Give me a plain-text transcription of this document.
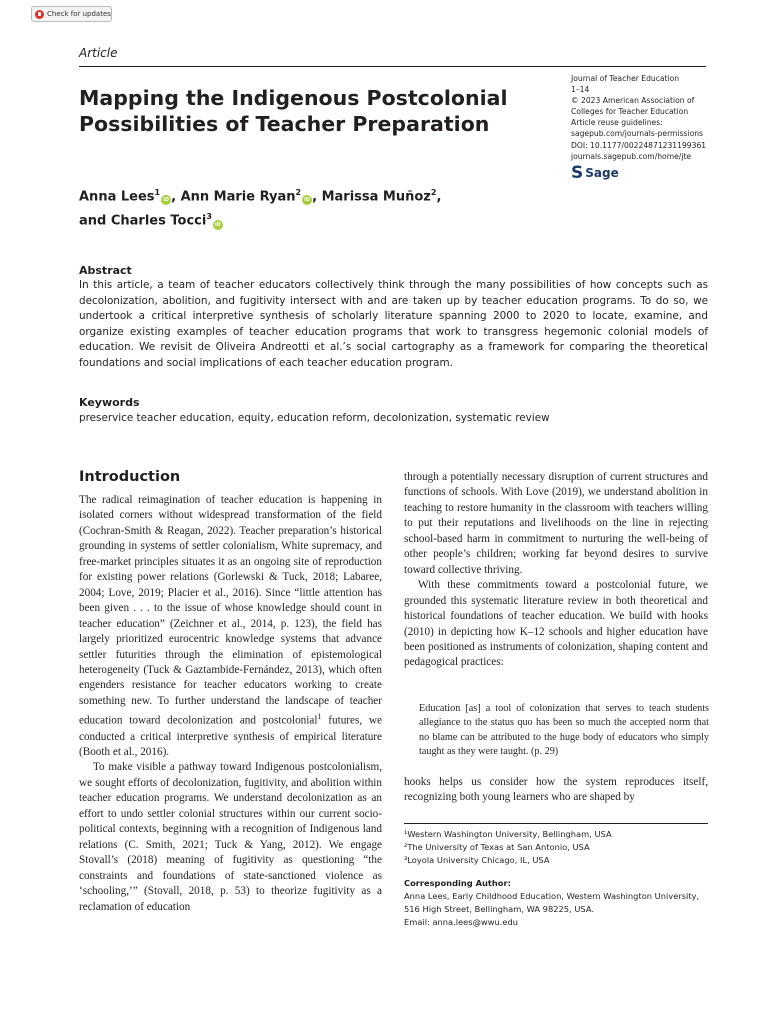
Check for updates
Article
Mapping the Indigenous Postcolonial Possibilities of Teacher Preparation
Journal of Teacher Education
1–14
© 2023 American Association of
Colleges for Teacher Education
Article reuse guidelines:
sagepub.com/journals-permissions
DOI: 10.1177/00224871231199361
journals.sagepub.com/home/jte
S Sage
Anna Lees$^1$iD , Ann Marie Ryan$^2$iD , Marissa Muñoz$^2$,
and Charles Tocci$^3$iD
Abstract
In this article, a team of teacher educators collectively think through the many possibilities of how concepts such as decolonization, abolition, and fugitivity intersect with and are taken up by teacher education programs. To do so, we undertook a critical interpretive synthesis of scholarly literature spanning 2000 to 2020 to locate, examine, and organize existing examples of teacher education programs that work to transgress hegemonic colonial models of education. We revisit de Oliveira Andreotti et al.’s social cartography as a framework for comparing the theoretical foundations and social implications of each teacher education program.
Keywords
preservice teacher education, equity, education reform, decolonization, systematic review
Introduction

The radical reimagination of teacher education is happening in isolated corners without widespread transformation of the field (Cochran-Smith & Reagan, 2022). Teacher preparation’s historical grounding in systems of settler colonialism, White supremacy, and free-market principles situates it as an ongoing site of reproduction for existing power relations (Gorlewski & Tuck, 2018; Labaree, 2004; Love, 2019; Placier et al., 2016). Since “little attention has been given . . . to the issue of whose knowledge should count in teacher education” (Zeichner et al., 2014, p. 123), the field has largely prioritized eurocentric knowledge systems that advance settler futurities through the elimination of epistemological heterogeneity (Tuck & Gaztambide-Fernández, 2013), which often engenders resistance for teacher educators working to create something new. To further understand the landscape of teacher education toward decolonization and postcolonial$^1$ futures, we conducted a critical interpretive synthesis of empirical literature (Booth et al., 2016).

To make visible a pathway toward Indigenous postcolonialism, we sought efforts of decolonization, fugitivity, and abolition within teacher education programs. We understand decolonization as an effort to undo settler colonial structures within our current socio-political contexts, beginning with a recognition of Indigenous land relations (C. Smith, 2021; Tuck & Yang, 2012). We engage Stovall’s (2018) meaning of fugitivity as questioning “the constraints and foundations of state-sanctioned violence as ‘schooling,’” (Stovall, 2018, p. 53) to theorize fugitivity as a reclamation of education

through a potentially necessary disruption of current structures and functions of schools. With Love (2019), we understand abolition in teaching to restore humanity in the classroom with teachers willing to put their reputations and livelihoods on the line in rejecting school-based harm in commitment to nurturing the well-being of other people’s children; working far beyond desires to survive toward collective thriving.

With these commitments toward a postcolonial future, we grounded this systematic literature review in both theoretical and historical foundations of teacher education. We build with hooks (2010) in depicting how K–12 schools and higher education have been positioned as instruments of colonization, shaping content and pedagogical practices:

Education [as] a tool of colonization that serves to teach students allegiance to the status quo has been so much the accepted norm that no blame can be attributed to the huge body of educators who simply taught as they were taught. (p. 29)
hooks helps us consider how the system reproduces itself, recognizing both young learners who are shaped by
¹Western Washington University, Bellingham, USA
²The University of Texas at San Antonio, USA
³Loyola University Chicago, IL, USA
Corresponding Author:
Anna Lees, Early Childhood Education, Western Washington University,
516 High Street, Bellingham, WA 98225, USA.
Email: anna.lees@wwu.edu
